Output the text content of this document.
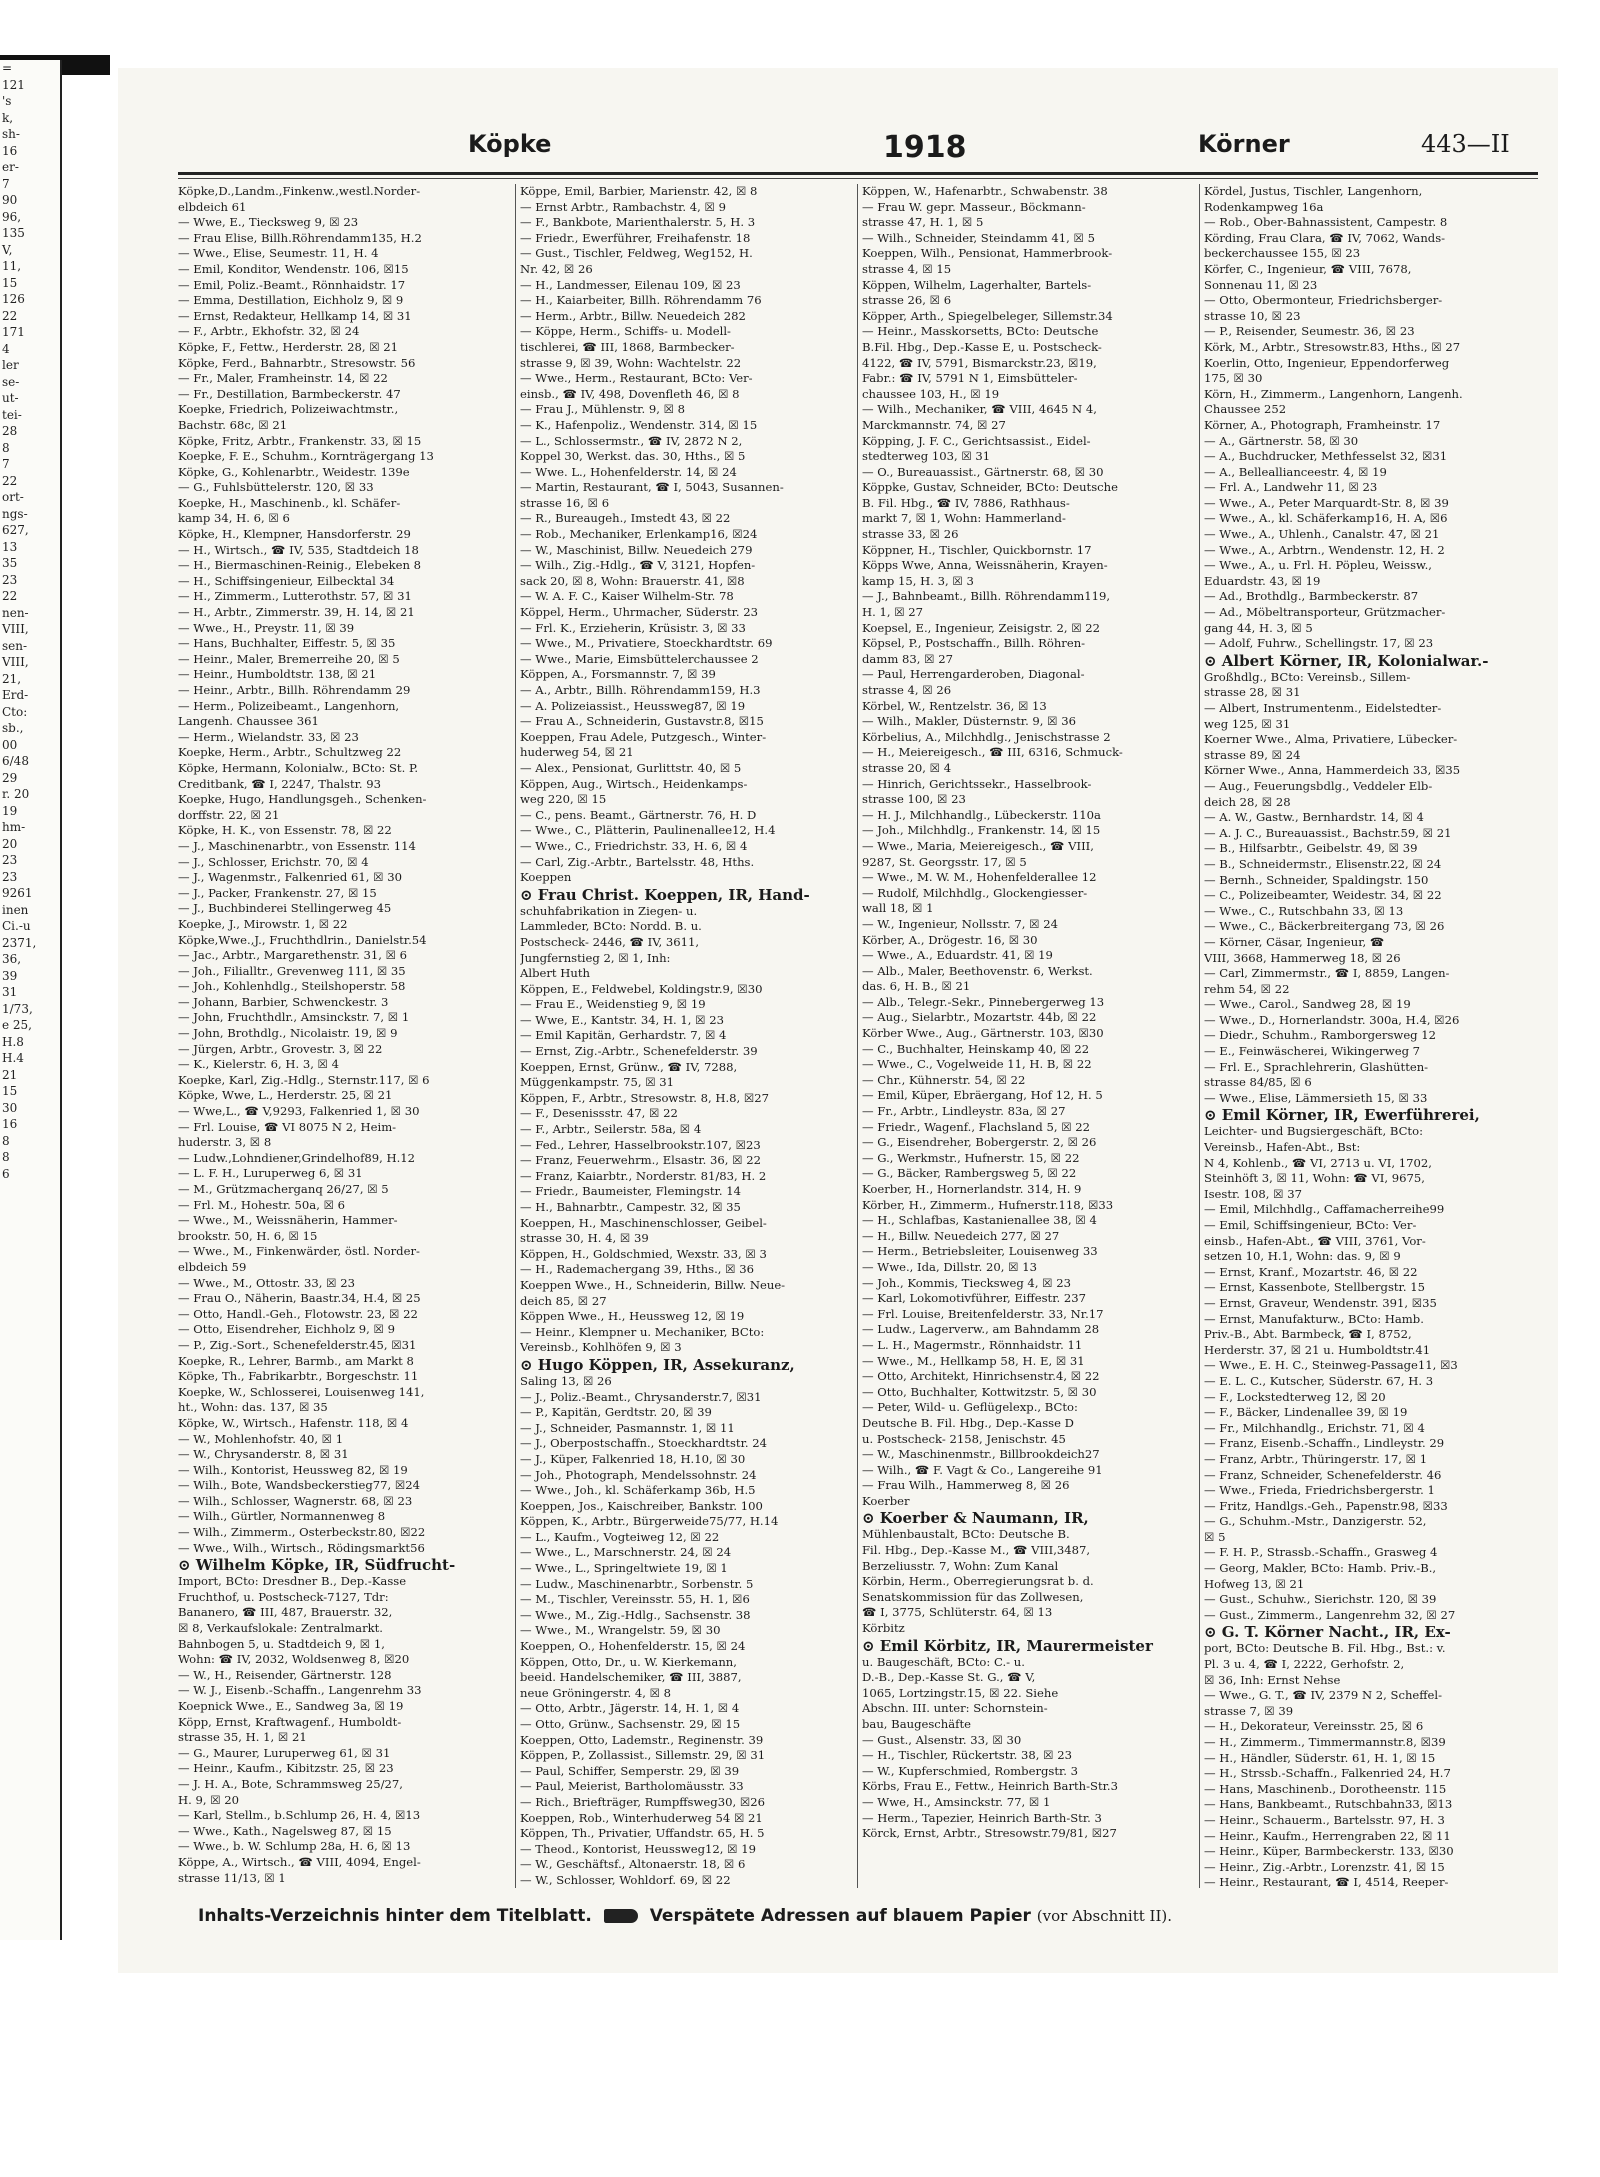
=
121
's
k,
sh-
16
er-
7
90
96,
135
V,
11,
15
126
22
171
4
ler
se-
ut-
tei-
28
8
7
22
ort-
ngs-
627,
13
35
23
22
nen-
VIII,
sen-
VIII,
21,
Erd-
Cto:
sb.,
00
6/48
29
r. 20
19
hm-
20
23
23
9261
inen
Ci.-u
2371,
36,
39
31
1/73,
e 25,
H.8
H.4
21
15
30
16
8
8
6
Köpke	1918	Körner	443—II
Köpke,D.,Landm.,Finkenw.,westl.Norder-
elbdeich 61
— Wwe, E., Tiecksweg 9, ☒ 23
— Frau Elise, Billh.Röhrendamm135, H.2
— Wwe., Elise, Seumestr. 11, H. 4
— Emil, Konditor, Wendenstr. 106, ☒15
— Emil, Poliz.-Beamt., Rönnhaidstr. 17
— Emma, Destillation, Eichholz 9, ☒ 9
— Ernst, Redakteur, Hellkamp 14, ☒ 31
— F., Arbtr., Ekhofstr. 32, ☒ 24
Köpke, F., Fettw., Herderstr. 28, ☒ 21
Köpke, Ferd., Bahnarbtr., Stresowstr. 56
— Fr., Maler, Framheinstr. 14, ☒ 22
— Fr., Destillation, Barmbeckerstr. 47
Koepke, Friedrich, Polizeiwachtmstr.,
Bachstr. 68c, ☒ 21
Köpke, Fritz, Arbtr., Frankenstr. 33, ☒ 15
Koepke, F. E., Schuhm., Kornträgergang 13
Köpke, G., Kohlenarbtr., Weidestr. 139e
— G., Fuhlsbüttelerstr. 120, ☒ 33
Koepke, H., Maschinenb., kl. Schäfer-
kamp 34, H. 6, ☒ 6
Köpke, H., Klempner, Hansdorferstr. 29
— H., Wirtsch., ☎ IV, 535, Stadtdeich 18
— H., Biermaschinen-Reinig., Elebeken 8
— H., Schiffsingenieur, Eilbecktal 34
— H., Zimmerm., Lutterothstr. 57, ☒ 31
— H., Arbtr., Zimmerstr. 39, H. 14, ☒ 21
— Wwe., H., Preystr. 11, ☒ 39
— Hans, Buchhalter, Eiffestr. 5, ☒ 35
— Heinr., Maler, Bremerreihe 20, ☒ 5
— Heinr., Humboldtstr. 138, ☒ 21
— Heinr., Arbtr., Billh. Röhrendamm 29
— Herm., Polizeibeamt., Langenhorn,
Langenh. Chaussee 361
— Herm., Wielandstr. 33, ☒ 23
Koepke, Herm., Arbtr., Schultzweg 22
Köpke, Hermann, Kolonialw., BCto: St. P.
Creditbank, ☎ I, 2247, Thalstr. 93
Koepke, Hugo, Handlungsgeh., Schenken-
dorffstr. 22, ☒ 21
Köpke, H. K., von Essenstr. 78, ☒ 22
— J., Maschinenarbtr., von Essenstr. 114
— J., Schlosser, Erichstr. 70, ☒ 4
— J., Wagenmstr., Falkenried 61, ☒ 30
— J., Packer, Frankenstr. 27, ☒ 15
— J., Buchbinderei Stellingerweg 45
Koepke, J., Mirowstr. 1, ☒ 22
Köpke,Wwe.,J., Fruchthdlrin., Danielstr.54
— Jac., Arbtr., Margarethenstr. 31, ☒ 6
— Joh., Filialltr., Grevenweg 111, ☒ 35
— Joh., Kohlenhdlg., Steilshoperstr. 58
— Johann, Barbier, Schwenckestr. 3
— John, Fruchthdlr., Amsinckstr. 7, ☒ 1
— John, Brothdlg., Nicolaistr. 19, ☒ 9
— Jürgen, Arbtr., Grovestr. 3, ☒ 22
— K., Kielerstr. 6, H. 3, ☒ 4
Koepke, Karl, Zig.-Hdlg., Sternstr.117, ☒ 6
Köpke, Wwe, L., Herderstr. 25, ☒ 21
— Wwe,L., ☎ V,9293, Falkenried 1, ☒ 30
— Frl. Louise, ☎ VI 8075 N 2, Heim-
huderstr. 3, ☒ 8
— Ludw.,Lohndiener,Grindelhof89, H.12
— L. F. H., Luruperweg 6, ☒ 31
— M., Grützmacherganq 26/27, ☒ 5
— Frl. M., Hohestr. 50a, ☒ 6
— Wwe., M., Weissnäherin, Hammer-
brookstr. 50, H. 6, ☒ 15
— Wwe., M., Finkenwärder, östl. Norder-
elbdeich 59
— Wwe., M., Ottostr. 33, ☒ 23
— Frau O., Näherin, Baastr.34, H.4, ☒ 25
— Otto, Handl.-Geh., Flotowstr. 23, ☒ 22
— Otto, Eisendreher, Eichholz 9, ☒ 9
— P., Zig.-Sort., Schenefelderstr.45, ☒31
Koepke, R., Lehrer, Barmb., am Markt 8
Köpke, Th., Fabrikarbtr., Borgeschstr. 11
Koepke, W., Schlosserei, Louisenweg 141,
ht., Wohn: das. 137, ☒ 35
Köpke, W., Wirtsch., Hafenstr. 118, ☒ 4
— W., Mohlenhofstr. 40, ☒ 1
— W., Chrysanderstr. 8, ☒ 31
— Wilh., Kontorist, Heussweg 82, ☒ 19
— Wilh., Bote, Wandsbeckerstieg77, ☒24
— Wilh., Schlosser, Wagnerstr. 68, ☒ 23
— Wilh., Gürtler, Normannenweg 8
— Wilh., Zimmerm., Osterbeckstr.80, ☒22
— Wwe., Wilh., Wirtsch., Rödingsmarkt56
⊙ Wilhelm Köpke, IR, Südfrucht-
Import, BCto: Dresdner B., Dep.-Kasse
Fruchthof, u. Postscheck-7127, Tdr:
Bananero, ☎ III, 487, Brauerstr. 32,
☒ 8, Verkaufslokale: Zentralmarkt.
Bahnbogen 5, u. Stadtdeich 9, ☒ 1,
Wohn: ☎ IV, 2032, Woldsenweg 8, ☒20
— W., H., Reisender, Gärtnerstr. 128
— W. J., Eisenb.-Schaffn., Langenrehm 33
Koepnick Wwe., E., Sandweg 3a, ☒ 19
Köpp, Ernst, Kraftwagenf., Humboldt-
strasse 35, H. 1, ☒ 21
— G., Maurer, Luruperweg 61, ☒ 31
— Heinr., Kaufm., Kibitzstr. 25, ☒ 23
— J. H. A., Bote, Schrammsweg 25/27,
H. 9, ☒ 20
— Karl, Stellm., b.Schlump 26, H. 4, ☒13
— Wwe., Kath., Nagelsweg 87, ☒ 15
— Wwe., b. W. Schlump 28a, H. 6, ☒ 13
Köppe, A., Wirtsch., ☎ VIII, 4094, Engel-
strasse 11/13, ☒ 1
Köppe, Emil, Barbier, Marienstr. 42, ☒ 8
— Ernst Arbtr., Rambachstr. 4, ☒ 9
— F., Bankbote, Marienthalerstr. 5, H. 3
— Friedr., Ewerführer, Freihafenstr. 18
— Gust., Tischler, Feldweg, Weg152, H.
Nr. 42, ☒ 26
— H., Landmesser, Eilenau 109, ☒ 23
— H., Kaiarbeiter, Billh. Röhrendamm 76
— Herm., Arbtr., Billw. Neuedeich 282
— Köppe, Herm., Schiffs- u. Modell-
tischlerei, ☎ III, 1868, Barmbecker-
strasse 9, ☒ 39, Wohn: Wachtelstr. 22
— Wwe., Herm., Restaurant, BCto: Ver-
einsb., ☎ IV, 498, Dovenfleth 46, ☒ 8
— Frau J., Mühlenstr. 9, ☒ 8
— K., Hafenpoliz., Wendenstr. 314, ☒ 15
— L., Schlossermstr., ☎ IV, 2872 N 2,
Koppel 30, Werkst. das. 30, Hths., ☒ 5
— Wwe. L., Hohenfelderstr. 14, ☒ 24
— Martin, Restaurant, ☎ I, 5043, Susannen-
strasse 16, ☒ 6
— R., Bureaugeh., Imstedt 43, ☒ 22
— Rob., Mechaniker, Erlenkamp16, ☒24
— W., Maschinist, Billw. Neuedeich 279
— Wilh., Zig.-Hdlg., ☎ V, 3121, Hopfen-
sack 20, ☒ 8, Wohn: Brauerstr. 41, ☒8
— W. A. F. C., Kaiser Wilhelm-Str. 78
Köppel, Herm., Uhrmacher, Süderstr. 23
— Frl. K., Erzieherin, Krüsistr. 3, ☒ 33
— Wwe., M., Privatiere, Stoeckhardtstr. 69
— Wwe., Marie, Eimsbüttelerchaussee 2
Köppen, A., Forsmannstr. 7, ☒ 39
— A., Arbtr., Billh. Röhrendamm159, H.3
— A. Polizeiassist., Heussweg87, ☒ 19
— Frau A., Schneiderin, Gustavstr.8, ☒15
Koeppen, Frau Adele, Putzgesch., Winter-
huderweg 54, ☒ 21
— Alex., Pensionat, Gurlittstr. 40, ☒ 5
Köppen, Aug., Wirtsch., Heidenkamps-
weg 220, ☒ 15
— C., pens. Beamt., Gärtnerstr. 76, H. D
— Wwe., C., Plätterin, Paulinenallee12, H.4
— Wwe., C., Friedrichstr. 33, H. 6, ☒ 4
— Carl, Zig.-Arbtr., Bartelsstr. 48, Hths.
Koeppen
⊙ Frau Christ. Koeppen, IR, Hand-
schuhfabrikation in Ziegen- u.
Lammleder, BCto: Nordd. B. u.
Postscheck- 2446, ☎ IV, 3611,
Jungfernstieg 2, ☒ 1, Inh:
Albert Huth
Köppen, E., Feldwebel, Koldingstr.9, ☒30
— Frau E., Weidenstieg 9, ☒ 19
— Wwe, E., Kantstr. 34, H. 1, ☒ 23
— Emil Kapitän, Gerhardstr. 7, ☒ 4
— Ernst, Zig.-Arbtr., Schenefelderstr. 39
Koeppen, Ernst, Grünw., ☎ IV, 7288,
Müggenkampstr. 75, ☒ 31
Köppen, F., Arbtr., Stresowstr. 8, H.8, ☒27
— F., Desenissstr. 47, ☒ 22
— F., Arbtr., Seilerstr. 58a, ☒ 4
— Fed., Lehrer, Hasselbrookstr.107, ☒23
— Franz, Feuerwehrm., Elsastr. 36, ☒ 22
— Franz, Kaiarbtr., Norderstr. 81/83, H. 2
— Friedr., Baumeister, Flemingstr. 14
— H., Bahnarbtr., Campestr. 32, ☒ 35
Koeppen, H., Maschinenschlosser, Geibel-
strasse 30, H. 4, ☒ 39
Köppen, H., Goldschmied, Wexstr. 33, ☒ 3
— H., Rademachergang 39, Hths., ☒ 36
Koeppen Wwe., H., Schneiderin, Billw. Neue-
deich 85, ☒ 27
Köppen Wwe., H., Heussweg 12, ☒ 19
— Heinr., Klempner u. Mechaniker, BCto:
Vereinsb., Kohlhöfen 9, ☒ 3
⊙ Hugo Köppen, IR, Assekuranz,
Saling 13, ☒ 26
— J., Poliz.-Beamt., Chrysanderstr.7, ☒31
— P., Kapitän, Gerdtstr. 20, ☒ 39
— J., Schneider, Pasmannstr. 1, ☒ 11
— J., Oberpostschaffn., Stoeckhardtstr. 24
— J., Küper, Falkenried 18, H.10, ☒ 30
— Joh., Photograph, Mendelssohnstr. 24
— Wwe., Joh., kl. Schäferkamp 36b, H.5
Koeppen, Jos., Kaischreiber, Bankstr. 100
Köppen, K., Arbtr., Bürgerweide75/77, H.14
— L., Kaufm., Vogteiweg 12, ☒ 22
— Wwe., L., Marschnerstr. 24, ☒ 24
— Wwe., L., Springeltwiete 19, ☒ 1
— Ludw., Maschinenarbtr., Sorbenstr. 5
— M., Tischler, Vereinsstr. 55, H. 1, ☒6
— Wwe., M., Zig.-Hdlg., Sachsenstr. 38
— Wwe., M., Wrangelstr. 59, ☒ 30
Koeppen, O., Hohenfelderstr. 15, ☒ 24
Köppen, Otto, Dr., u. W. Kierkemann,
beeid. Handelschemiker, ☎ III, 3887,
neue Gröningerstr. 4, ☒ 8
— Otto, Arbtr., Jägerstr. 14, H. 1, ☒ 4
— Otto, Grünw., Sachsenstr. 29, ☒ 15
Koeppen, Otto, Lademstr., Reginenstr. 39
Köppen, P., Zollassist., Sillemstr. 29, ☒ 31
— Paul, Schiffer, Semperstr. 29, ☒ 39
— Paul, Meierist, Bartholomäusstr. 33
— Rich., Briefträger, Rumpffsweg30, ☒26
Koeppen, Rob., Winterhuderweg 54 ☒ 21
Köppen, Th., Privatier, Uffandstr. 65, H. 5
— Theod., Kontorist, Heussweg12, ☒ 19
— W., Geschäftsf., Altonaerstr. 18, ☒ 6
— W., Schlosser, Wohldorf. 69, ☒ 22
Köppen, W., Hafenarbtr., Schwabenstr. 38
— Frau W. gepr. Masseur., Böckmann-
strasse 47, H. 1, ☒ 5
— Wilh., Schneider, Steindamm 41, ☒ 5
Koeppen, Wilh., Pensionat, Hammerbrook-
strasse 4, ☒ 15
Köppen, Wilhelm, Lagerhalter, Bartels-
strasse 26, ☒ 6
Köpper, Arth., Spiegelbeleger, Sillemstr.34
— Heinr., Masskorsetts, BCto: Deutsche
B.Fil. Hbg., Dep.-Kasse E, u. Postscheck-
4122, ☎ IV, 5791, Bismarckstr.23, ☒19,
Fabr.: ☎ IV, 5791 N 1, Eimsbütteler-
chaussee 103, H., ☒ 19
— Wilh., Mechaniker, ☎ VIII, 4645 N 4,
Marckmannstr. 74, ☒ 27
Köpping, J. F. C., Gerichtsassist., Eidel-
stedterweg 103, ☒ 31
— O., Bureauassist., Gärtnerstr. 68, ☒ 30
Köppke, Gustav, Schneider, BCto: Deutsche
B. Fil. Hbg., ☎ IV, 7886, Rathhaus-
markt 7, ☒ 1, Wohn: Hammerland-
strasse 33, ☒ 26
Köppner, H., Tischler, Quickbornstr. 17
Köpps Wwe, Anna, Weissnäherin, Krayen-
kamp 15, H. 3, ☒ 3
— J., Bahnbeamt., Billh. Röhrendamm119,
H. 1, ☒ 27
Koepsel, E., Ingenieur, Zeisigstr. 2, ☒ 22
Köpsel, P., Postschaffn., Billh. Röhren-
damm 83, ☒ 27
— Paul, Herrengarderoben, Diagonal-
strasse 4, ☒ 26
Körbel, W., Rentzelstr. 36, ☒ 13
— Wilh., Makler, Düsternstr. 9, ☒ 36
Körbelius, A., Milchhdlg., Jenischstrasse 2
— H., Meiereigesch., ☎ III, 6316, Schmuck-
strasse 20, ☒ 4
— Hinrich, Gerichtssekr., Hasselbrook-
strasse 100, ☒ 23
— H. J., Milchhandlg., Lübeckerstr. 110a
— Joh., Milchhdlg., Frankenstr. 14, ☒ 15
— Wwe., Maria, Meiereigesch., ☎ VIII,
9287, St. Georgsstr. 17, ☒ 5
— Wwe., M. W. M., Hohenfelderallee 12
— Rudolf, Milchhdlg., Glockengiesser-
wall 18, ☒ 1
— W., Ingenieur, Nollsstr. 7, ☒ 24
Körber, A., Drögestr. 16, ☒ 30
— Wwe., A., Eduardstr. 41, ☒ 19
— Alb., Maler, Beethovenstr. 6, Werkst.
das. 6, H. B., ☒ 21
— Alb., Telegr.-Sekr., Pinnebergerweg 13
— Aug., Sielarbtr., Mozartstr. 44b, ☒ 22
Körber Wwe., Aug., Gärtnerstr. 103, ☒30
— C., Buchhalter, Heinskamp 40, ☒ 22
— Wwe., C., Vogelweide 11, H. B, ☒ 22
— Chr., Kühnerstr. 54, ☒ 22
— Emil, Küper, Ebräergang, Hof 12, H. 5
— Fr., Arbtr., Lindleystr. 83a, ☒ 27
— Friedr., Wagenf., Flachsland 5, ☒ 22
— G., Eisendreher, Bobergerstr. 2, ☒ 26
— G., Werkmstr., Hufnerstr. 15, ☒ 22
— G., Bäcker, Rambergsweg 5, ☒ 22
Koerber, H., Hornerlandstr. 314, H. 9
Körber, H., Zimmerm., Hufnerstr.118, ☒33
— H., Schlafbas, Kastanienallee 38, ☒ 4
— H., Billw. Neuedeich 277, ☒ 27
— Herm., Betriebsleiter, Louisenweg 33
— Wwe., Ida, Dillstr. 20, ☒ 13
— Joh., Kommis, Tiecksweg 4, ☒ 23
— Karl, Lokomotivführer, Eiffestr. 237
— Frl. Louise, Breitenfelderstr. 33, Nr.17
— Ludw., Lagerverw., am Bahndamm 28
— L. H., Magermstr., Rönnhaidstr. 11
— Wwe., M., Hellkamp 58, H. E, ☒ 31
— Otto, Architekt, Hinrichsenstr.4, ☒ 22
— Otto, Buchhalter, Kottwitzstr. 5, ☒ 30
— Peter, Wild- u. Geflügelexp., BCto:
Deutsche B. Fil. Hbg., Dep.-Kasse D
u. Postscheck- 2158, Jenischstr. 45
— W., Maschinenmstr., Billbrookdeich27
— Wilh., ☎ F. Vagt & Co., Langereihe 91
— Frau Wilh., Hammerweg 8, ☒ 26
Koerber
⊙ Koerber & Naumann, IR,
Mühlenbaustalt, BCto: Deutsche B.
Fil. Hbg., Dep.-Kasse M., ☎ VIII,3487,
Berzeliusstr. 7, Wohn: Zum Kanal
Körbin, Herm., Oberregierungsrat b. d.
Senatskommission für das Zollwesen,
☎ I, 3775, Schlüterstr. 64, ☒ 13
Körbitz
⊙ Emil Körbitz, IR, Maurermeister
u. Baugeschäft, BCto: C.- u.
D.-B., Dep.-Kasse St. G., ☎ V,
1065, Lortzingstr.15, ☒ 22. Siehe
Abschn. III. unter: Schornstein-
bau, Baugeschäfte
— Gust., Alsenstr. 33, ☒ 30
— H., Tischler, Rückertstr. 38, ☒ 23
— W., Kupferschmied, Rombergstr. 3
Körbs, Frau E., Fettw., Heinrich Barth-Str.3
— Wwe, H., Amsinckstr. 77, ☒ 1
— Herm., Tapezier, Heinrich Barth-Str. 3
Körck, Ernst, Arbtr., Stresowstr.79/81, ☒27
Kördel, Justus, Tischler, Langenhorn,
Rodenkampweg 16a
— Rob., Ober-Bahnassistent, Campestr. 8
Körding, Frau Clara, ☎ IV, 7062, Wands-
beckerchaussee 155, ☒ 23
Körfer, C., Ingenieur, ☎ VIII, 7678,
Sonnenau 11, ☒ 23
— Otto, Obermonteur, Friedrichsberger-
strasse 10, ☒ 23
— P., Reisender, Seumestr. 36, ☒ 23
Körk, M., Arbtr., Stresowstr.83, Hths., ☒ 27
Koerlin, Otto, Ingenieur, Eppendorferweg
175, ☒ 30
Körn, H., Zimmerm., Langenhorn, Langenh.
Chaussee 252
Körner, A., Photograph, Framheinstr. 17
— A., Gärtnerstr. 58, ☒ 30
— A., Buchdrucker, Methfesselst 32, ☒31
— A., Belleallianceestr. 4, ☒ 19
— Frl. A., Landwehr 11, ☒ 23
— Wwe., A., Peter Marquardt-Str. 8, ☒ 39
— Wwe., A., kl. Schäferkamp16, H. A, ☒6
— Wwe., A., Uhlenh., Canalstr. 47, ☒ 21
— Wwe., A., Arbtrn., Wendenstr. 12, H. 2
— Wwe., A., u. Frl. H. Pöpleu, Weissw.,
Eduardstr. 43, ☒ 19
— Ad., Brothdlg., Barmbeckerstr. 87
— Ad., Möbeltransporteur, Grützmacher-
gang 44, H. 3, ☒ 5
— Adolf, Fuhrw., Schellingstr. 17, ☒ 23
⊙ Albert Körner, IR, Kolonialwar.-
Großhdlg., BCto: Vereinsb., Sillem-
strasse 28, ☒ 31
— Albert, Instrumentenm., Eidelstedter-
weg 125, ☒ 31
Koerner Wwe., Alma, Privatiere, Lübecker-
strasse 89, ☒ 24
Körner Wwe., Anna, Hammerdeich 33, ☒35
— Aug., Feuerungsbdlg., Veddeler Elb-
deich 28, ☒ 28
— A. W., Gastw., Bernhardstr. 14, ☒ 4
— A. J. C., Bureauassist., Bachstr.59, ☒ 21
— B., Hilfsarbtr., Geibelstr. 49, ☒ 39
— B., Schneidermstr., Elisenstr.22, ☒ 24
— Bernh., Schneider, Spaldingstr. 150
— C., Polizeibeamter, Weidestr. 34, ☒ 22
— Wwe., C., Rutschbahn 33, ☒ 13
— Wwe., C., Bäckerbreitergang 73, ☒ 26
— Körner, Cäsar, Ingenieur, ☎
VIII, 3668, Hammerweg 18, ☒ 26
— Carl, Zimmermstr., ☎ I, 8859, Langen-
rehm 54, ☒ 22
— Wwe., Carol., Sandweg 28, ☒ 19
— Wwe., D., Hornerlandstr. 300a, H.4, ☒26
— Diedr., Schuhm., Ramborgersweg 12
— E., Feinwäscherei, Wikingerweg 7
— Frl. E., Sprachlehrerin, Glashütten-
strasse 84/85, ☒ 6
— Wwe., Elise, Lämmersieth 15, ☒ 33
⊙ Emil Körner, IR, Ewerführerei,
Leichter- und Bugsiergeschäft, BCto:
Vereinsb., Hafen-Abt., Bst:
N 4, Kohlenb., ☎ VI, 2713 u. VI, 1702,
Steinhöft 3, ☒ 11, Wohn: ☎ VI, 9675,
Isestr. 108, ☒ 37
— Emil, Milchhdlg., Caffamacherreihe99
— Emil, Schiffsingenieur, BCto: Ver-
einsb., Hafen-Abt., ☎ VIII, 3761, Vor-
setzen 10, H.1, Wohn: das. 9, ☒ 9
— Ernst, Kranf., Mozartstr. 46, ☒ 22
— Ernst, Kassenbote, Stellbergstr. 15
— Ernst, Graveur, Wendenstr. 391, ☒35
— Ernst, Manufakturw., BCto: Hamb.
Priv.-B., Abt. Barmbeck, ☎ I, 8752,
Herderstr. 37, ☒ 21 u. Humboldtstr.41
— Wwe., E. H. C., Steinweg-Passage11, ☒3
— E. L. C., Kutscher, Süderstr. 67, H. 3
— F., Lockstedterweg 12, ☒ 20
— F., Bäcker, Lindenallee 39, ☒ 19
— Fr., Milchhandlg., Erichstr. 71, ☒ 4
— Franz, Eisenb.-Schaffn., Lindleystr. 29
— Franz, Arbtr., Thüringerstr. 17, ☒ 1
— Franz, Schneider, Schenefelderstr. 46
— Wwe., Frieda, Friedrichsbergerstr. 1
— Fritz, Handlgs.-Geh., Papenstr.98, ☒33
— G., Schuhm.-Mstr., Danzigerstr. 52,
☒ 5
— F. H. P., Strassb.-Schaffn., Grasweg 4
— Georg, Makler, BCto: Hamb. Priv.-B.,
Hofweg 13, ☒ 21
— Gust., Schuhw., Sierichstr. 120, ☒ 39
— Gust., Zimmerm., Langenrehm 32, ☒ 27
⊙ G. T. Körner Nacht., IR, Ex-
port, BCto: Deutsche B. Fil. Hbg., Bst.: v.
Pl. 3 u. 4, ☎ I, 2222, Gerhofstr. 2,
☒ 36, Inh: Ernst Nehse
— Wwe., G. T., ☎ IV, 2379 N 2, Scheffel-
strasse 7, ☒ 39
— H., Dekorateur, Vereinsstr. 25, ☒ 6
— H., Zimmerm., Timmermannstr.8, ☒39
— H., Händler, Süderstr. 61, H. 1, ☒ 15
— H., Strssb.-Schaffn., Falkenried 24, H.7
— Hans, Maschinenb., Dorotheenstr. 115
— Hans, Bankbeamt., Rutschbahn33, ☒13
— Heinr., Schauerm., Bartelsstr. 97, H. 3
— Heinr., Kaufm., Herrengraben 22, ☒ 11
— Heinr., Küper, Barmbeckerstr. 133, ☒30
— Heinr., Zig.-Arbtr., Lorenzstr. 41, ☒ 15
— Heinr., Restaurant, ☎ I, 4514, Reeper-
Inhalts-Verzeichnis hinter dem Titelblatt.	Verspätete Adressen auf blauem Papier (vor Abschnitt II).
